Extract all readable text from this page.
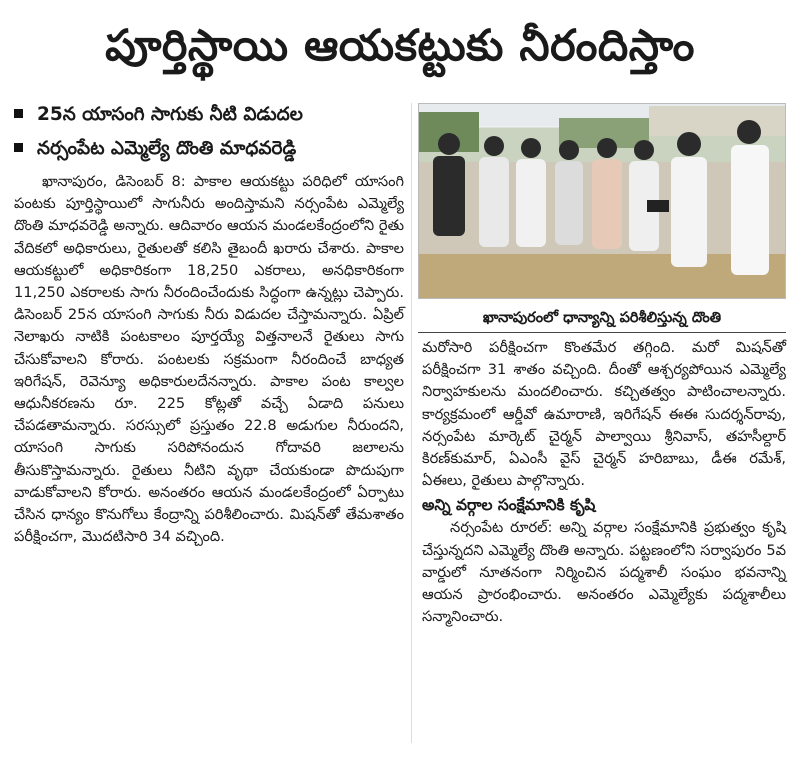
పూర్తిస్థాయి ఆయకట్టుకు నీరందిస్తాం
25న యాసంగి సాగుకు నీటి విడుదల
నర్సంపేట ఎమ్మెల్యే దొంతి మాధవరెడ్డి
ఖానాపురంలో ధాన్యాన్ని పరిశీలిస్తున్న దొంతి

ఖానాపురం, డిసెంబర్ 8: పాకాల ఆయకట్టు పరిధిలో యాసంగి పంటకు పూర్తిస్థాయిలో సాగునీరు అందిస్తామని నర్సంపేట ఎమ్మెల్యే దొంతి మాధవరెడ్డి అన్నారు. ఆదివారం ఆయన మండలకేంద్రంలోని రైతు వేదికలో అధికారులు, రైతులతో కలిసి తైబందీ ఖరారు చేశారు. పాకాల ఆయకట్టులో అధికారికంగా 18,250 ఎకరాలు, అనధికారికంగా 11,250 ఎకరాలకు సాగు నీరందించేందుకు సిద్ధంగా ఉన్నట్లు చెప్పారు. డిసెంబర్ 25న యాసంగి సాగుకు నీరు విడుదల చేస్తామన్నారు. ఏప్రిల్ నెలాఖరు నాటికి పంటకాలం పూర్తయ్యే విత్తనాలనే రైతులు సాగు చేసుకోవాలని కోరారు. పంటలకు సక్రమంగా నీరందించే బాధ్యత ఇరిగేషన్, రెవెన్యూ అధికారులదేనన్నారు. పాకాల పంట కాల్వల ఆధునీకరణను రూ. 225 కోట్లతో వచ్చే ఏడాది పనులు చేపడతామన్నారు. సరస్సులో ప్రస్తుతం 22.8 అడుగుల నీరుందని, యాసంగి సాగుకు సరిపోనందున గోదావరి జలాలను తీసుకొస్తామన్నారు. రైతులు నీటిని వృథా చేయకుండా పొదుపుగా వాడుకోవాలని కోరారు. అనంతరం ఆయన మండలకేంద్రంలో ఏర్పాటు చేసిన ధాన్యం కొనుగోలు కేంద్రాన్ని పరిశీలించారు. మిషన్‌తో తేమశాతం పరీక్షించగా, మొదటిసారి 34 వచ్చింది.

మరోసారి పరీక్షించగా కొంతమేర తగ్గింది. మరో మిషన్‌తో పరీక్షించగా 31 శాతం వచ్చింది. దీంతో ఆశ్చర్యపోయిన ఎమ్మెల్యే నిర్వాహకులను మందలించారు. కచ్చితత్వం పాటించాలన్నారు. కార్యక్రమంలో ఆర్డీవో ఉమారాణి, ఇరిగేషన్ ఈఈ సుదర్శన్‌రావు, నర్సంపేట మార్కెట్ చైర్మన్ పాల్వాయి శ్రీనివాస్, తహసీల్దార్ కిరణ్‌కుమార్, ఏఎంసీ వైస్ చైర్మన్ హరిబాబు, డీఈ రమేశ్, ఏఈలు, రైతులు పాల్గొన్నారు.

అన్ని వర్గాల సంక్షేమానికి కృషి

నర్సంపేట రూరల్: అన్ని వర్గాల సంక్షేమానికి ప్రభుత్వం కృషి చేస్తున్నదని ఎమ్మెల్యే దొంతి అన్నారు. పట్టణంలోని సర్వాపురం 5వ వార్డులో నూతనంగా నిర్మించిన పద్మశాలీ సంఘం భవనాన్ని ఆయన ప్రారంభించారు. అనంతరం ఎమ్మెల్యేకు పద్మశాలీలు సన్మానించారు.
